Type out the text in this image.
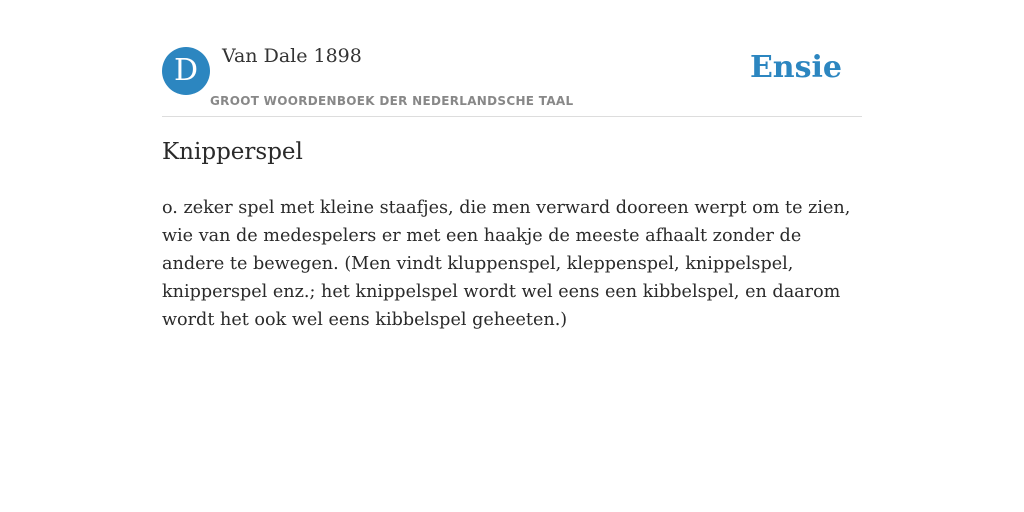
D	Van Dale 1898
GROOT WOORDENBOEK DER NEDERLANDSCHE TAAL
Ensie
Knipperspel

o. zeker spel met kleine staafjes, die men verward dooreen werpt om te zien, wie van de medespelers er met een haakje de meeste afhaalt zonder de andere te bewegen. (Men vindt kluppenspel, kleppenspel, knippelspel, knipperspel enz.; het knippelspel wordt wel eens een kibbelspel, en daarom wordt het ook wel eens kibbelspel geheeten.)
